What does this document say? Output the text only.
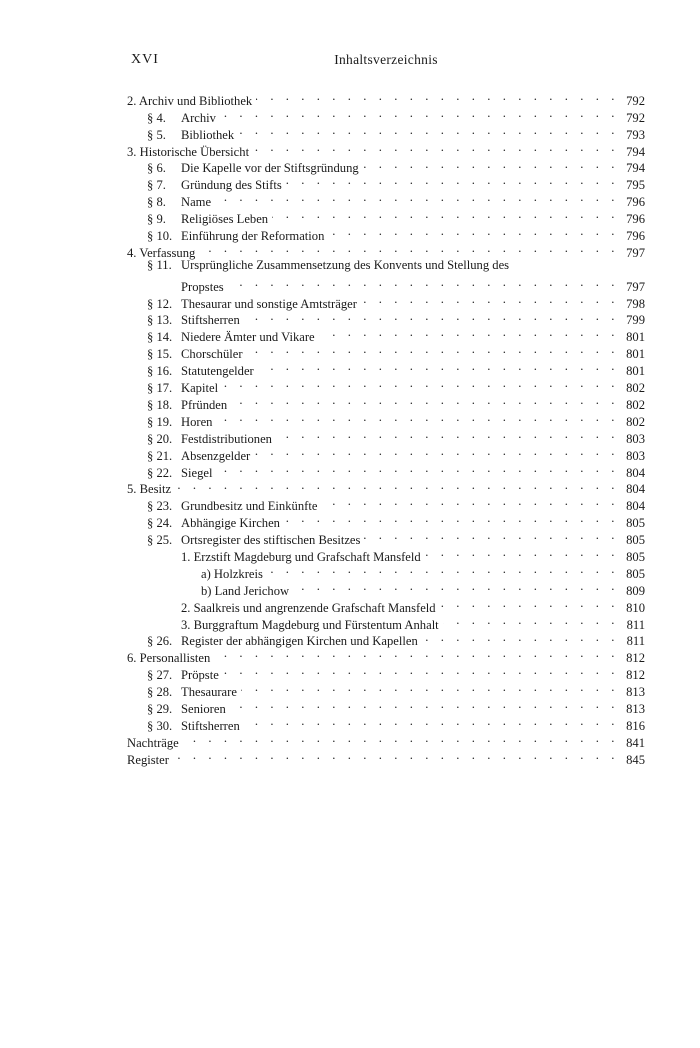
XVI	Inhaltsverzeichnis
2. Archiv und Bibliothek . . .	792
§ 4.	Archiv . . .	792
§ 5.	Bibliothek . . .	793
3. Historische Übersicht . . .	794
§ 6.	Die Kapelle vor der Stiftsgründung . . .	794
§ 7.	Gründung des Stifts . . .	795
§ 8.	Name . . .	796
§ 9.	Religiöses Leben . . .	796
§ 10. Einführung der Reformation . . .	796
4. Verfassung . . .	797
§ 11. Ursprüngliche Zusammensetzung des Konvents und Stellung des
Propstes . . .	797
§ 12. Thesaurar und sonstige Amtsträger . . .	798
§ 13. Stiftsherren . . .	799
§ 14. Niedere Ämter und Vikare . . .	801
§ 15. Chorschüler . . .	801
§ 16. Statutengelder . . .	801
§ 17. Kapitel . . .	802
§ 18. Pfründen . . .	802
§ 19. Horen . . .	802
§ 20. Festdistributionen . . .	803
§ 21. Absenzgelder . . .	803
§ 22. Siegel . . .	804
5. Besitz . . .	804
§ 23. Grundbesitz und Einkünfte . . .	804
§ 24. Abhängige Kirchen . . .	805
§ 25. Ortsregister des stiftischen Besitzes . . .	805
1. Erzstift Magdeburg und Grafschaft Mansfeld . . .	805
a) Holzkreis . . .	805
b) Land Jerichow . . .	809
2. Saalkreis und angrenzende Grafschaft Mansfeld . . .	810
3. Burggraftum Magdeburg und Fürstentum Anhalt . . .	811
§ 26. Register der abhängigen Kirchen und Kapellen . . .	811
6. Personallisten . . .	812
§ 27. Pröpste . . .	812
§ 28. Thesaurare . . .	813
§ 29. Senioren . . .	813
§ 30. Stiftsherren . . .	816
Nachträge . . .	841
Register . . .	845
